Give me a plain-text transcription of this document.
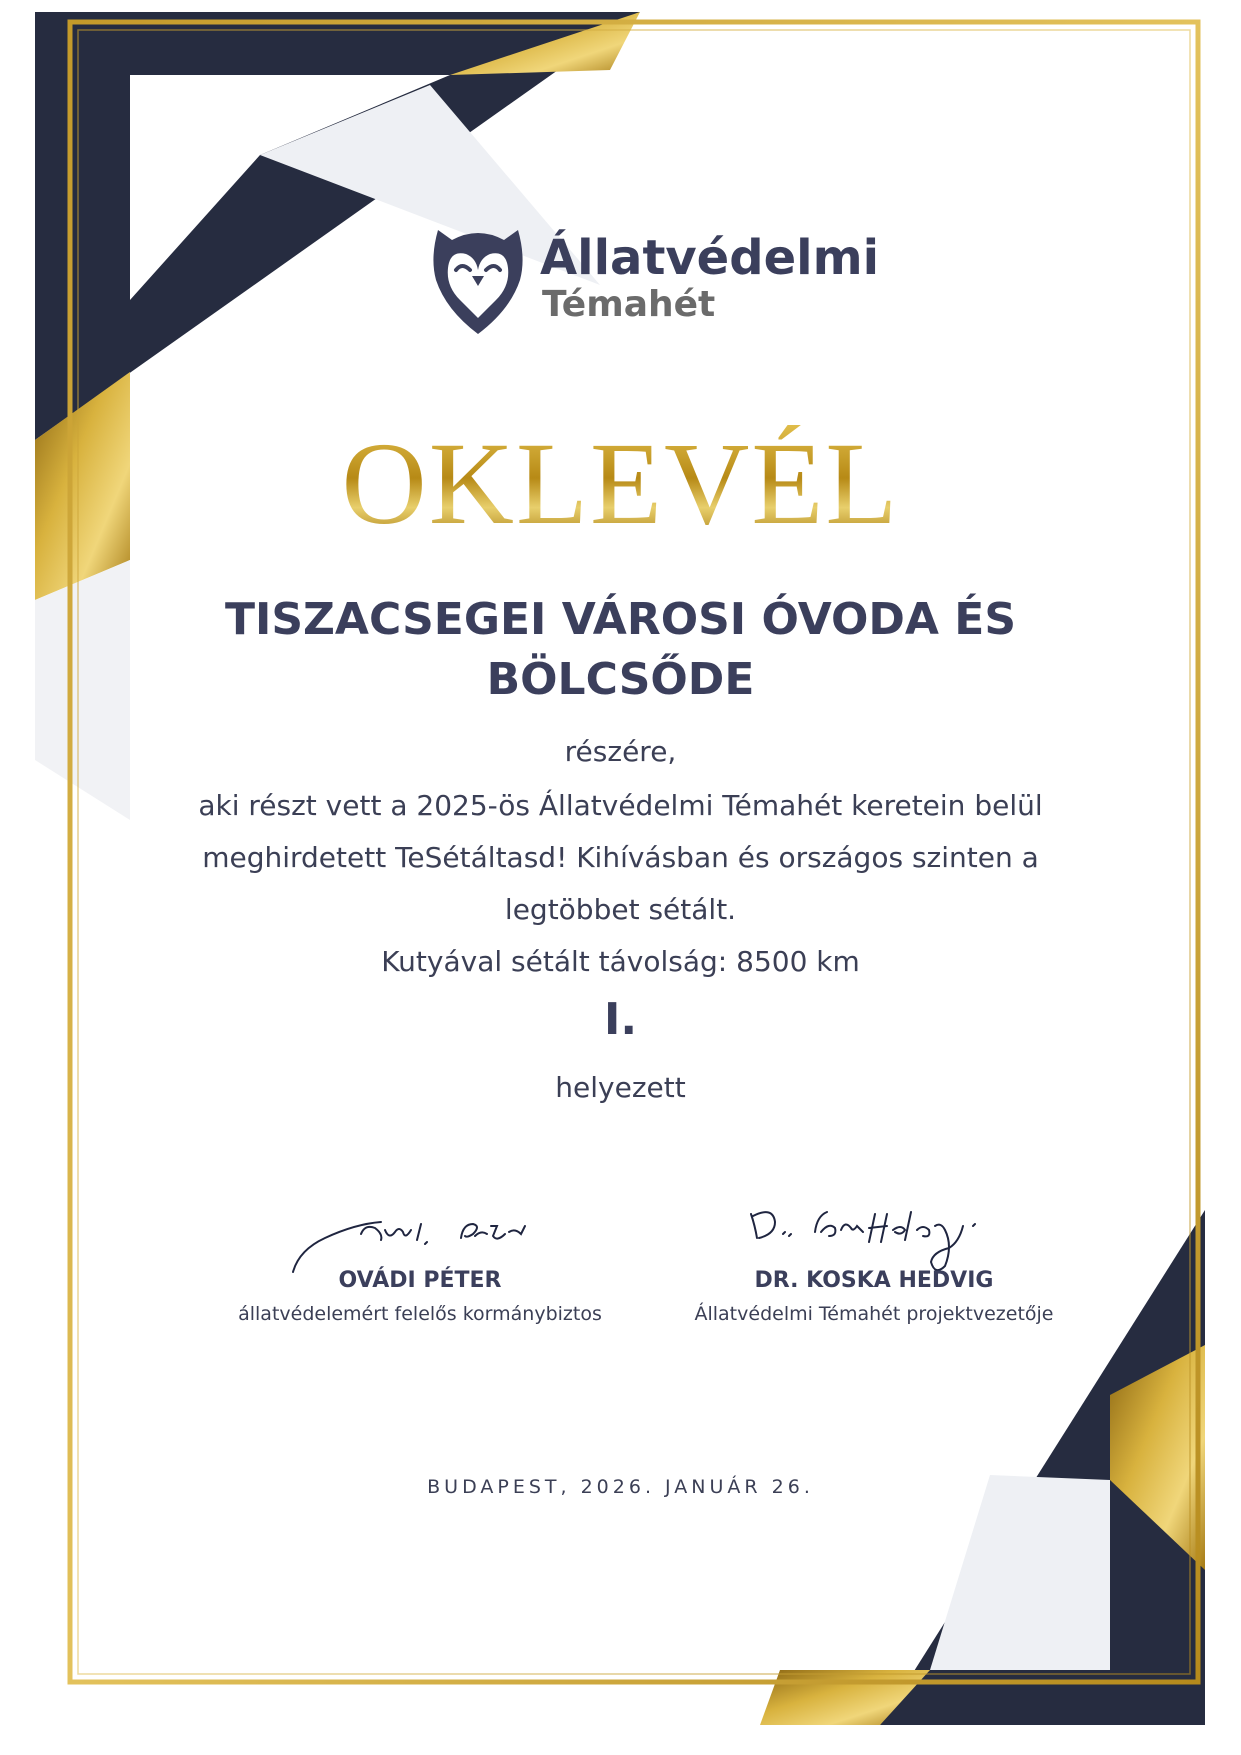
Állatvédelmi
Témahét
OKLEVÉL
TISZACSEGEI VÁROSI ÓVODA ÉS
BÖLCSŐDE
részére,
aki részt vett a 2025-ös Állatvédelmi Témahét keretein belül
meghirdetett TeSétáltasd! Kihívásban és országos szinten a
legtöbbet sétált.
Kutyával sétált távolság: 8500 km
I.
helyezett
OVÁDI PÉTER
állatvédelemért felelős kormánybiztos
DR. KOSKA HEDVIG
Állatvédelmi Témahét projektvezetője
BUDAPEST, 2026. JANUÁR 26.
